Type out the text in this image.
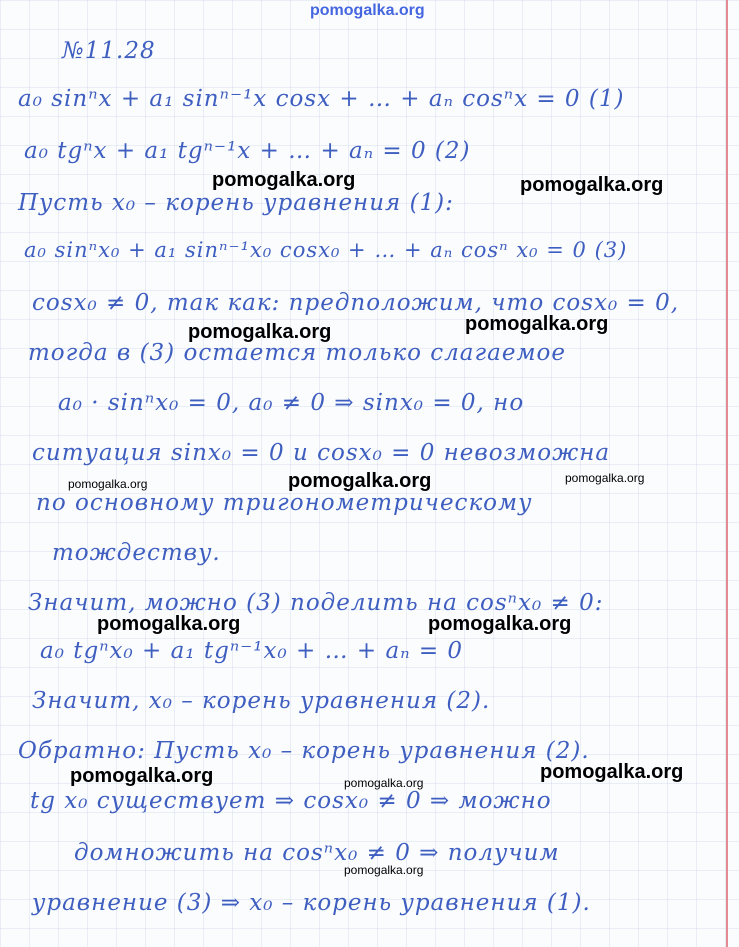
pomogalka.org
№11.28
a₀ sinⁿx + a₁ sinⁿ⁻¹x cosx + … + aₙ cosⁿx = 0 (1)
a₀ tgⁿx + a₁ tgⁿ⁻¹x + … + aₙ = 0 (2)
Пусть x₀ – корень уравнения (1):
a₀ sinⁿx₀ + a₁ sinⁿ⁻¹x₀ cosx₀ + … + aₙ cosⁿ x₀ = 0 (3)
cosx₀ ≠ 0, так как: предположим, что cosx₀ = 0,
тогда в (3) остается только слагаемое
a₀ · sinⁿx₀ = 0, a₀ ≠ 0 ⇒ sinx₀ = 0, но
ситуация sinx₀ = 0 и cosx₀ = 0 невозможна
по основному тригонометрическому
тождеству.
Значит, можно (3) поделить на cosⁿx₀ ≠ 0:
a₀ tgⁿx₀ + a₁ tgⁿ⁻¹x₀ + … + aₙ = 0
Значит, x₀ – корень уравнения (2).
Обратно: Пусть x₀ – корень уравнения (2).
tg x₀ существует ⇒ cosx₀ ≠ 0 ⇒ можно
домножить на cosⁿx₀ ≠ 0 ⇒ получим
уравнение (3) ⇒ x₀ – корень уравнения (1).
pomogalka.org	pomogalka.org
pomogalka.org	pomogalka.org
pomogalka.org
pomogalka.org	pomogalka.org
pomogalka.org	pomogalka.org
pomogalka.org	pomogalka.org	pomogalka.org
pomogalka.org
